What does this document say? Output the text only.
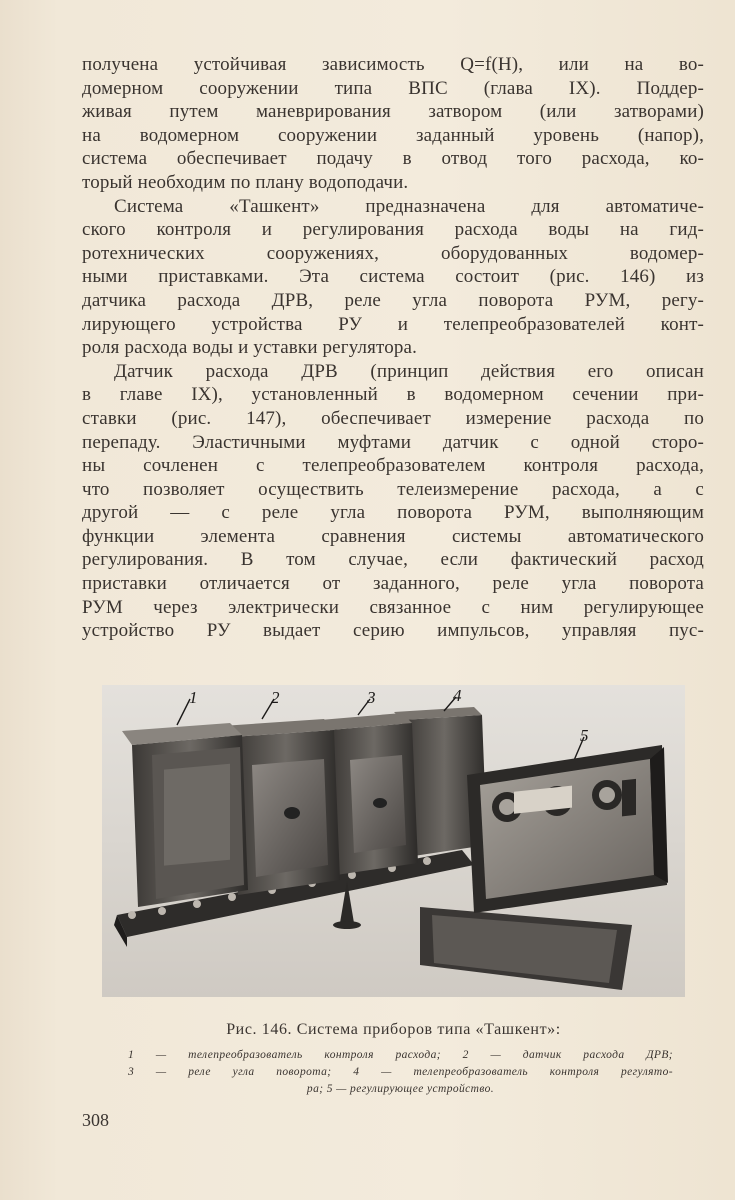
получена устойчивая зависимость Q=f(H), или на во-
домерном сооружении типа ВПС (глава IX). Поддер-
живая путем маневрирования затвором (или затворами)
на водомерном сооружении заданный уровень (напор),
система обеспечивает подачу в отвод того расхода, ко-
торый необходим по плану водоподачи.
Система «Ташкент» предназначена для автоматиче-
ского контроля и регулирования расхода воды на гид-
ротехнических сооружениях, оборудованных водомер-
ными приставками. Эта система состоит (рис. 146) из
датчика расхода ДРВ, реле угла поворота РУМ, регу-
лирующего устройства РУ и телепреобразователей конт-
роля расхода воды и уставки регулятора.
Датчик расхода ДРВ (принцип действия его описан
в главе IX), установленный в водомерном сечении при-
ставки (рис. 147), обеспечивает измерение расхода по
перепаду. Эластичными муфтами датчик с одной сторо-
ны сочленен с телепреобразователем контроля расхода,
что позволяет осуществить телеизмерение расхода, а с
другой — с реле угла поворота РУМ, выполняющим
функции элемента сравнения системы автоматического
регулирования. В том случае, если фактический расход
приставки отличается от заданного, реле угла поворота
РУМ через электрически связанное с ним регулирующее
устройство РУ выдает серию импульсов, управляя пус-
1	2	3	4
5
Рис. 146. Система приборов типа «Ташкент»:
1 — телепреобразователь контроля расхода; 2 — датчик расхода ДРВ;
3 — реле угла поворота; 4 — телепреобразователь контроля регулято-
ра; 5 — регулирующее устройство.
308
